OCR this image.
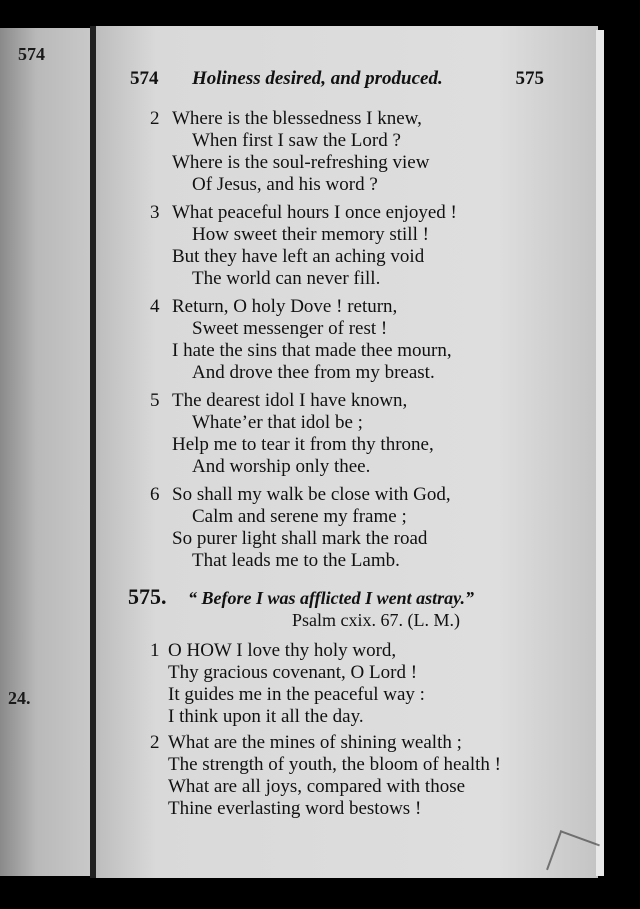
574
24.
574 Holiness desired, and produced.	575
2 Where is the blessedness I knew,
When first I saw the Lord ?
Where is the soul-refreshing view
Of Jesus, and his word ?
3 What peaceful hours I once enjoyed !
How sweet their memory still !
But they have left an aching void
The world can never fill.
4 Return, O holy Dove ! return,
Sweet messenger of rest !
I hate the sins that made thee mourn,
And drove thee from my breast.
5 The dearest idol I have known,
Whate’er that idol be ;
Help me to tear it from thy throne,
And worship only thee.
6 So shall my walk be close with God,
Calm and serene my frame ;
So purer light shall mark the road
That leads me to the Lamb.
575. “ Before I was afflicted I went astray.”
Psalm cxix. 67. (L. M.)
1 O HOW I love thy holy word,
Thy gracious covenant, O Lord !
It guides me in the peaceful way :
I think upon it all the day.
2 What are the mines of shining wealth ;
The strength of youth, the bloom of health !
What are all joys, compared with those
Thine everlasting word bestows !
